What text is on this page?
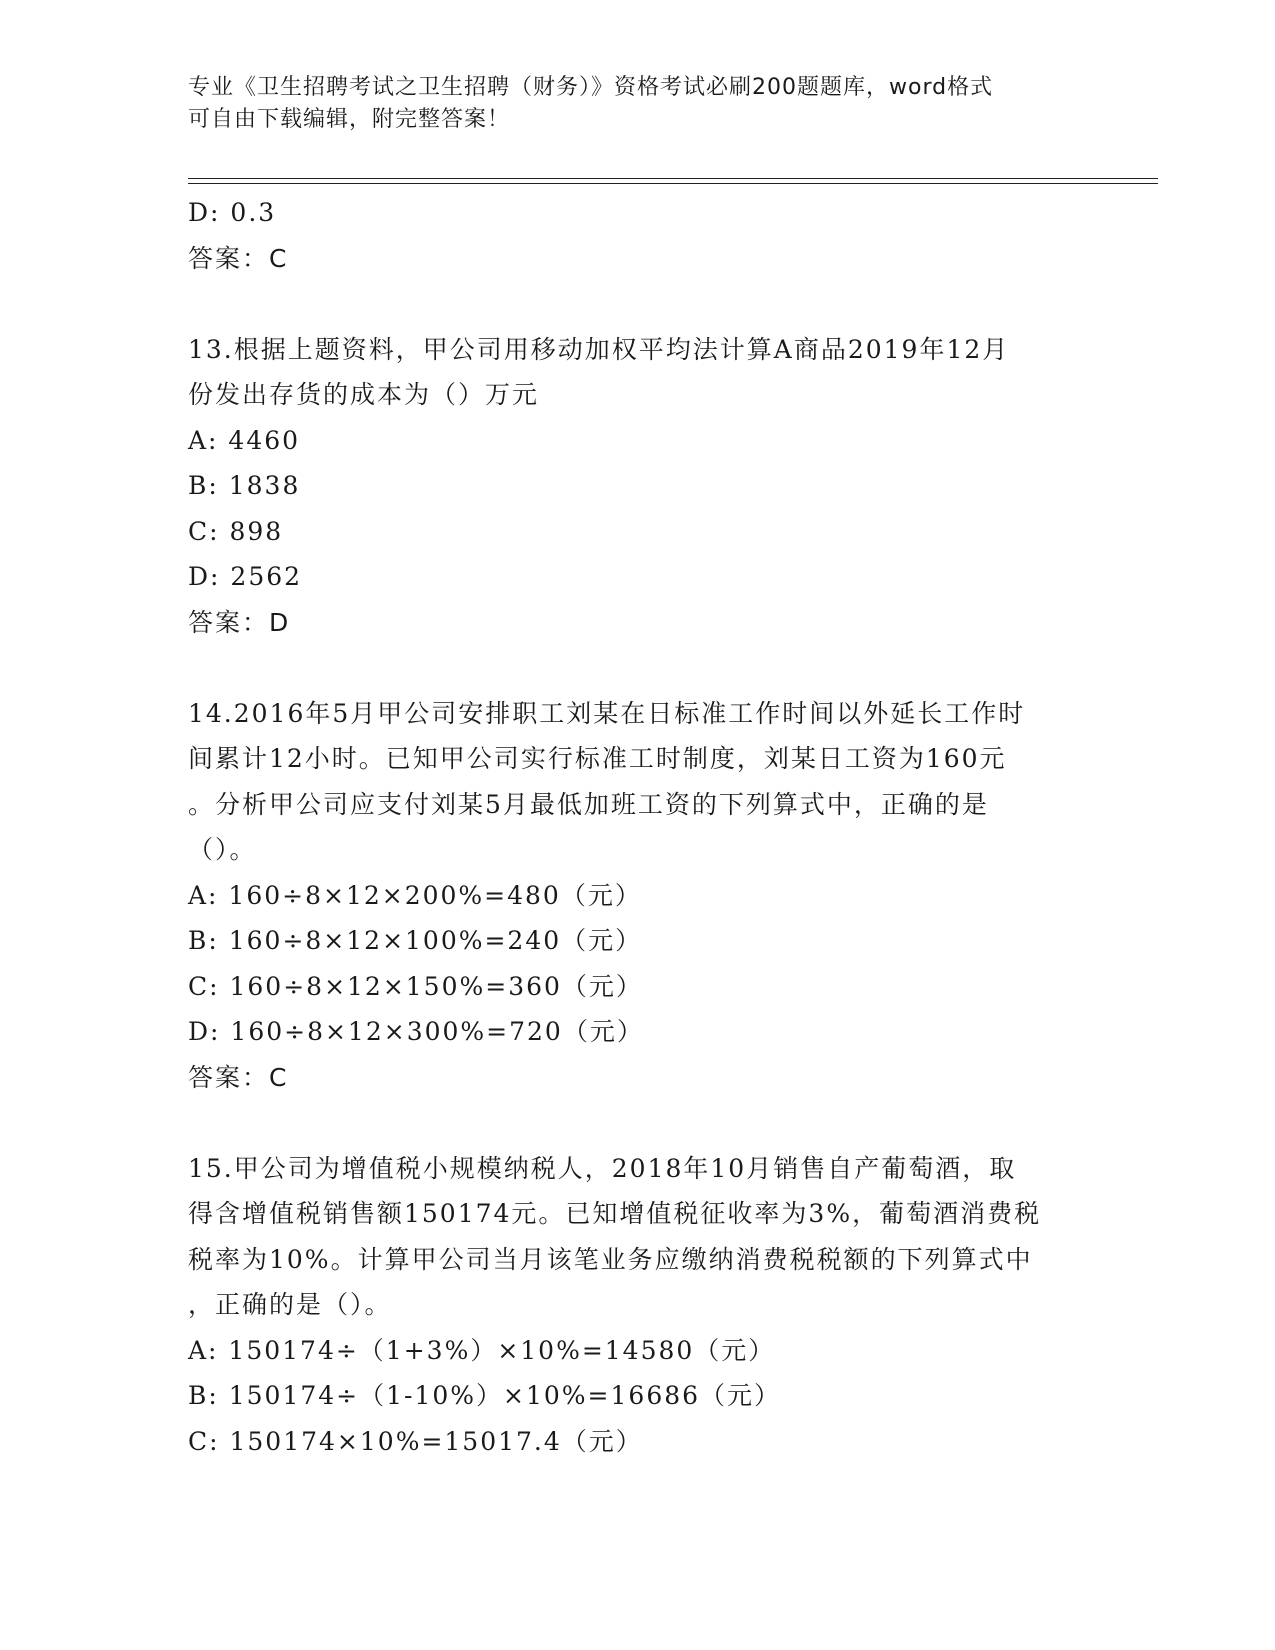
专业《卫生招聘考试之卫生招聘（财务）》资格考试必刷200题题库，word格式
可自由下载编辑，附完整答案！
D: 0.3
答案：C
13.根据上题资料，甲公司用移动加权平均法计算A商品2019年12月
份发出存货的成本为（）万元
A: 4460
B: 1838
C: 898
D: 2562
答案：D
14.2016年5月甲公司安排职工刘某在日标准工作时间以外延长工作时
间累计12小时。已知甲公司实行标准工时制度，刘某日工资为160元
。分析甲公司应支付刘某5月最低加班工资的下列算式中，正确的是
（）。
A: 160÷8×12×200%=480（元）
B: 160÷8×12×100%=240（元）
C: 160÷8×12×150%=360（元）
D: 160÷8×12×300%=720（元）
答案：C
15.甲公司为增值税小规模纳税人，2018年10月销售自产葡萄酒，取
得含增值税销售额150174元。已知增值税征收率为3%，葡萄酒消费税
税率为10%。计算甲公司当月该笔业务应缴纳消费税税额的下列算式中
，正确的是（）。
A: 150174÷（1+3%）×10%=14580（元）
B: 150174÷（1-10%）×10%=16686（元）
C: 150174×10%=15017.4（元）
